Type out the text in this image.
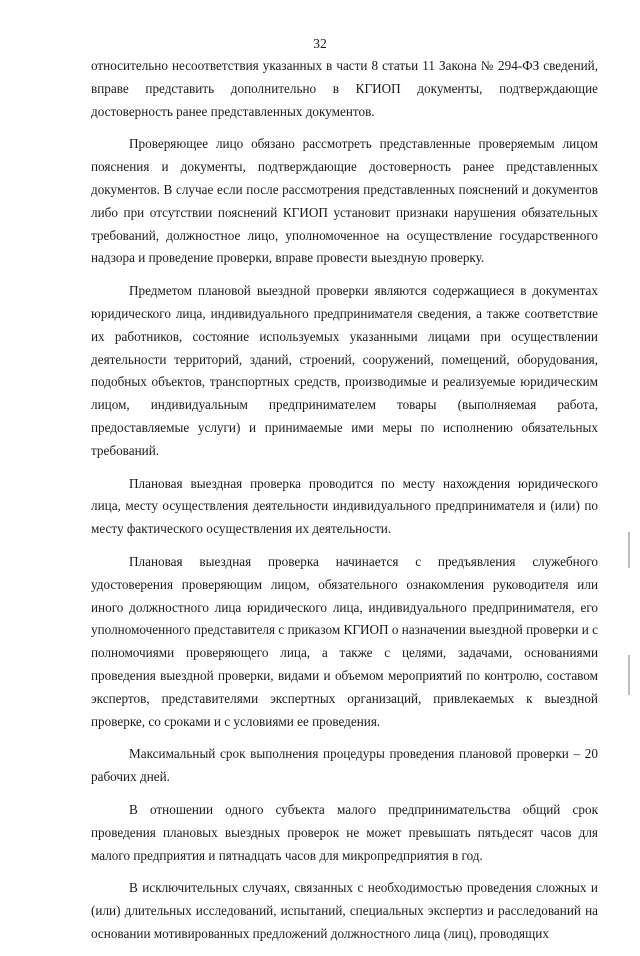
32

относительно несоответствия указанных в части 8 статьи 11 Закона № 294-ФЗ сведений, вправе представить дополнительно в КГИОП документы, подтверждающие достоверность ранее представленных документов.

Проверяющее лицо обязано рассмотреть представленные проверяемым лицом пояснения и документы, подтверждающие достоверность ранее представленных документов. В случае если после рассмотрения представленных пояснений и документов либо при отсутствии пояснений КГИОП установит признаки нарушения обязательных требований, должностное лицо, уполномоченное на осуществление государственного надзора и проведение проверки, вправе провести выездную проверку.

Предметом плановой выездной проверки являются содержащиеся в документах юридического лица, индивидуального предпринимателя сведения, а также соответствие их работников, состояние используемых указанными лицами при осуществлении деятельности территорий, зданий, строений, сооружений, помещений, оборудования, подобных объектов, транспортных средств, производимые и реализуемые юридическим лицом, индивидуальным предпринимателем товары (выполняемая работа, предоставляемые услуги) и принимаемые ими меры по исполнению обязательных требований.

Плановая выездная проверка проводится по месту нахождения юридического лица, месту осуществления деятельности индивидуального предпринимателя и (или) по месту фактического осуществления их деятельности.

Плановая выездная проверка начинается с предъявления служебного удостоверения проверяющим лицом, обязательного ознакомления руководителя или иного должностного лица юридического лица, индивидуального предпринимателя, его уполномоченного представителя с приказом КГИОП о назначении выездной проверки и с полномочиями проверяющего лица, а также с целями, задачами, основаниями проведения выездной проверки, видами и объемом мероприятий по контролю, составом экспертов, представителями экспертных организаций, привлекаемых к выездной проверке, со сроками и с условиями ее проведения.

Максимальный срок выполнения процедуры проведения плановой проверки – 20 рабочих дней.

В отношении одного субъекта малого предпринимательства общий срок проведения плановых выездных проверок не может превышать пятьдесят часов для малого предприятия и пятнадцать часов для микропредприятия в год.

В исключительных случаях, связанных с необходимостью проведения сложных и (или) длительных исследований, испытаний, специальных экспертиз и расследований на основании мотивированных предложений должностного лица (лиц), проводящих
